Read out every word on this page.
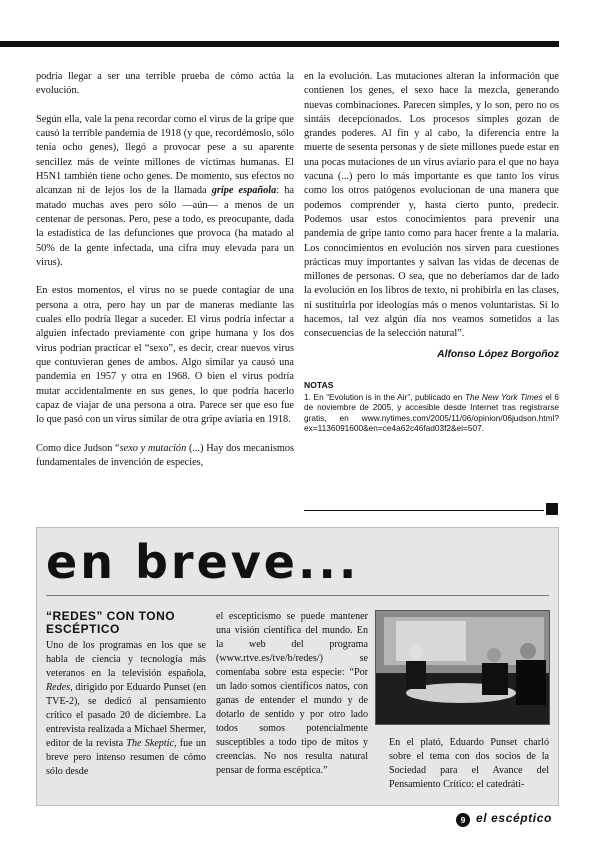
podría llegar a ser una terrible prueba de cómo actúa la evolución.

Según ella, vale la pena recordar como el virus de la gripe que causó la terrible pandemia de 1918 (y que, recordémoslo, sólo tenía ocho genes), llegó a provocar pese a su aparente sencillez más de veinte millones de víctimas humanas. El H5N1 también tiene ocho genes. De momento, sus efectos no alcanzan ni de lejos los de la llamada gripe española: ha matado muchas aves pero sólo —aún— a menos de un centenar de personas. Pero, pese a todo, es preocupante, dada la estadística de las defunciones que provoca (ha matado al 50% de la gente infectada, una cifra muy elevada para un virus).

En estos momentos, el virus no se puede contagiar de una persona a otra, pero hay un par de maneras mediante las cuales ello podría llegar a suceder. El virus podría infectar a alguien infectado previamente con gripe humana y los dos virus podrían practicar el “sexo”, es decir, crear nuevos virus que contuvieran genes de ambos. Algo similar ya causó una pandemia en 1957 y otra en 1968. O bien el virus podría mutar accidentalmente en sus genes, lo que podría hacerlo capaz de viajar de una persona a otra. Parece ser que eso fue lo que pasó con un virus similar de otra gripe aviaria en 1918.

Como dice Judson “sexo y mutación (...) Hay dos mecanismos fundamentales de invención de especies,

en la evolución. Las mutaciones alteran la información que contienen los genes, el sexo hace la mezcla, generando nuevas combinaciones. Parecen simples, y lo son, pero no os sintáis decepcionados. Los procesos simples gozan de grandes poderes. Al fin y al cabo, la diferencia entre la muerte de sesenta personas y de siete millones puede estar en una pocas mutaciones de un virus aviario para el que no haya vacuna (...) pero lo más importante es que tanto los virus como los otros patógenos evolucionan de una manera que podemos comprender y, hasta cierto punto, predecir. Podemos usar estos conocimientos para prevenir una pandemia de gripe tanto como para hacer frente a la malaria. Los conocimientos en evolución nos sirven para cuestiones prácticas muy importantes y salvan las vidas de decenas de millones de personas. O sea, que no deberíamos dar de lado la evolución en los libros de texto, ni prohibirla en las clases, ni sustituirla por ideologías más o menos voluntaristas. Si lo hacemos, tal vez algún día nos veamos sometidos a las consecuencias de la selección natural”.
Alfonso López Borgoñoz
NOTAS
1. En “Evolution is in the Air”, publicado en The New York Times el 6 de noviembre de 2005, y accesible desde Internet tras registrarse gratis, en www.nytimes.com/2005/11/06/opinion/06judson.html?ex=1136091600&en=ce4a62c46fad03f2&ei=507.
en breve...
“REDES” CON TONO ESCÉPTICO
Uno de los programas en los que se habla de ciencia y tecnología más veteranos en la televisión española, Redes, dirigido por Eduardo Punset (en TVE-2), se dedicó al pensamiento crítico el pasado 20 de diciembre. La entrevista realizada a Michael Shermer, editor de la revista The Skeptic, fue un breve pero intenso resumen de cómo sólo desde
el escepticismo se puede mantener una visión científica del mundo. En la web del programa (www.rtve.es/tve/b/redes/) se comentaba sobre esta especie: “Por un lado somos científicos natos, con ganas de entender el mundo y de dotarlo de sentido y por otro lado todos somos potencialmente susceptibles a todo tipo de mitos y creencias. No nos resulta natural pensar de forma escéptica.”
En el plató, Eduardo Punset charló sobre el tema con dos socios de la Sociedad para el Avance del Pensamiento Crítico: el catedráti-
9 el escéptico
